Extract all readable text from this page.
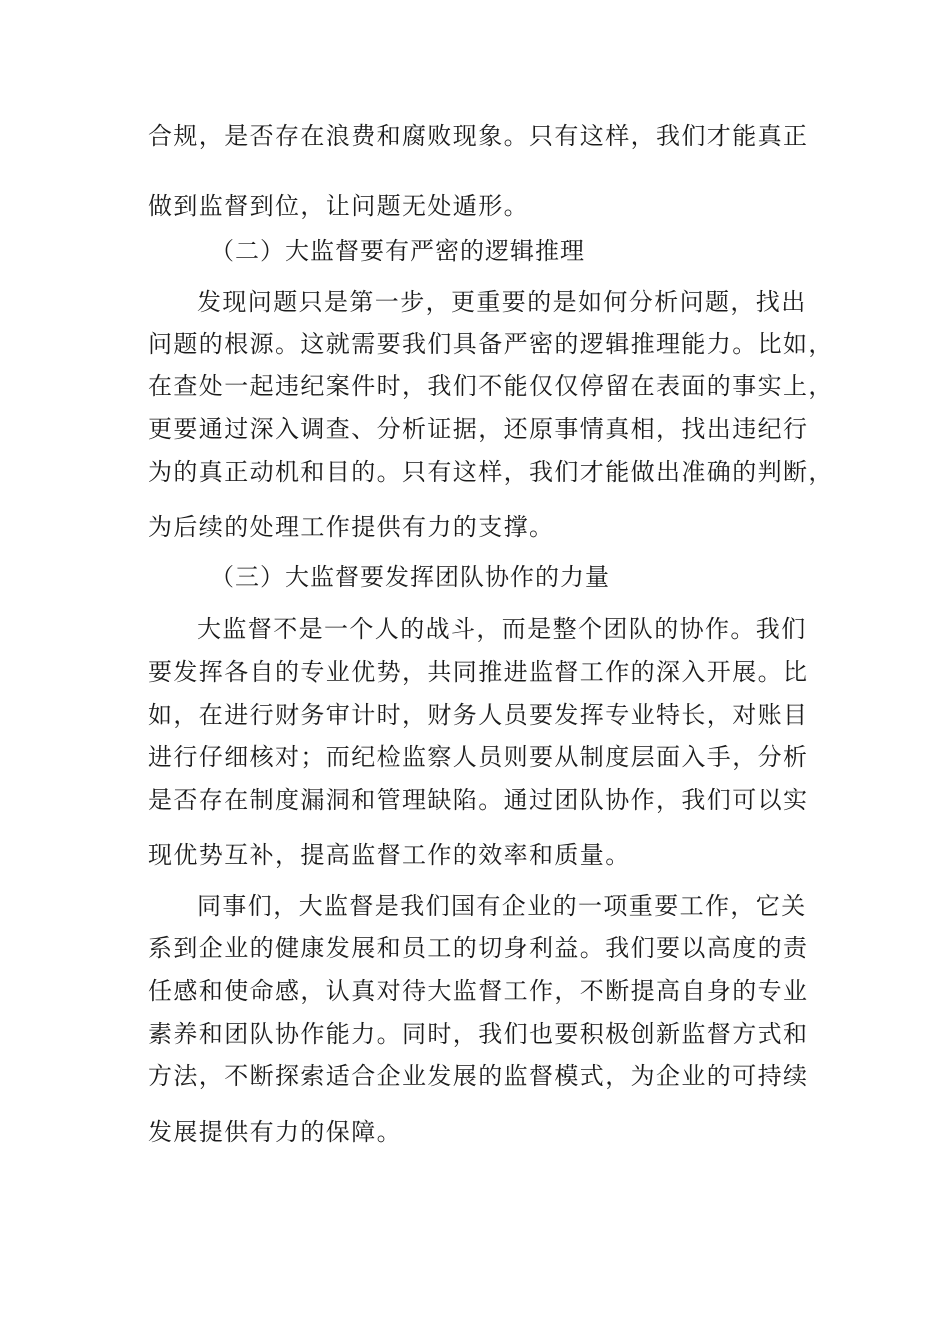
合规，是否存在浪费和腐败现象。只有这样，我们才能真正
做到监督到位，让问题无处遁形。
（二）大监督要有严密的逻辑推理
发现问题只是第一步，更重要的是如何分析问题，找出
问题的根源。这就需要我们具备严密的逻辑推理能力。比如，
在查处一起违纪案件时，我们不能仅仅停留在表面的事实上，
更要通过深入调查、分析证据，还原事情真相，找出违纪行
为的真正动机和目的。只有这样，我们才能做出准确的判断，
为后续的处理工作提供有力的支撑。
（三）大监督要发挥团队协作的力量
大监督不是一个人的战斗，而是整个团队的协作。我们
要发挥各自的专业优势，共同推进监督工作的深入开展。比
如，在进行财务审计时，财务人员要发挥专业特长，对账目
进行仔细核对；而纪检监察人员则要从制度层面入手，分析
是否存在制度漏洞和管理缺陷。通过团队协作，我们可以实
现优势互补，提高监督工作的效率和质量。
同事们，大监督是我们国有企业的一项重要工作，它关
系到企业的健康发展和员工的切身利益。我们要以高度的责
任感和使命感，认真对待大监督工作，不断提高自身的专业
素养和团队协作能力。同时，我们也要积极创新监督方式和
方法，不断探索适合企业发展的监督模式，为企业的可持续
发展提供有力的保障。
